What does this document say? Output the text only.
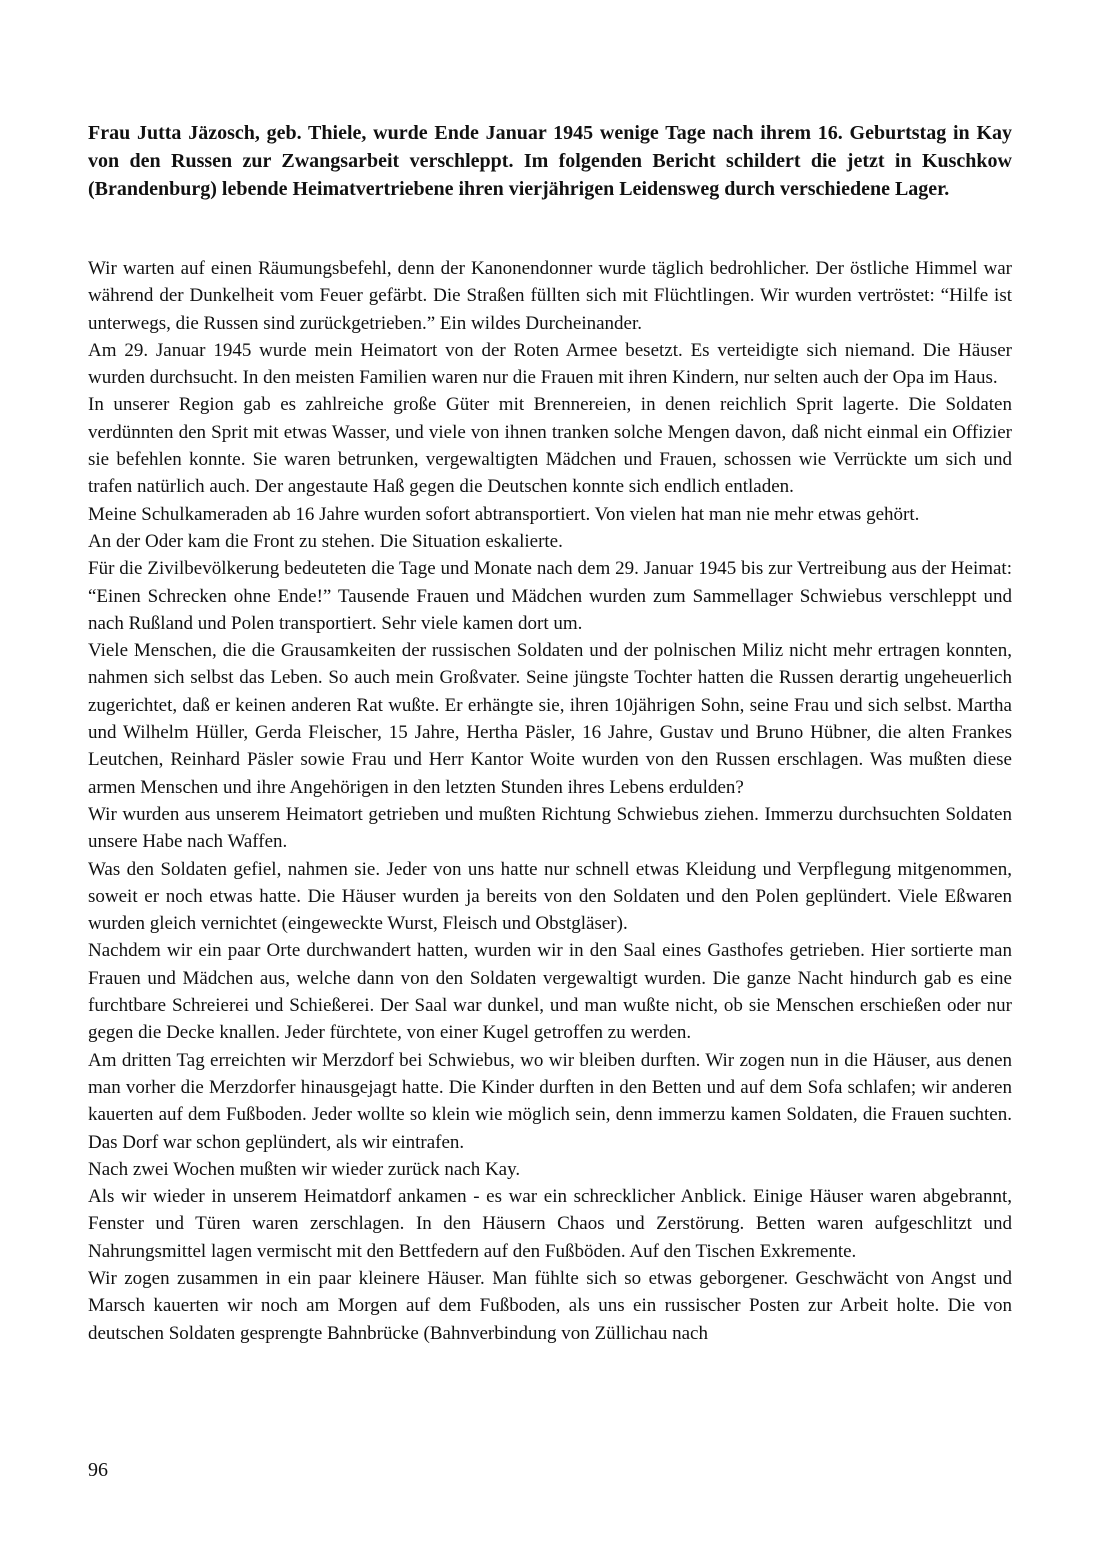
Frau Jutta Jäzosch, geb. Thiele, wurde Ende Januar 1945 wenige Tage nach ihrem 16. Geburtstag in Kay von den Russen zur Zwangsarbeit verschleppt. Im folgenden Bericht schildert die jetzt in Kuschkow (Brandenburg) lebende Heimatvertriebene ihren vierjährigen Leidensweg durch verschiedene Lager.

Wir warten auf einen Räumungsbefehl, denn der Kanonendonner wurde täglich bedrohlicher. Der östliche Himmel war während der Dunkelheit vom Feuer gefärbt. Die Straßen füllten sich mit Flüchtlingen. Wir wurden vertröstet: “Hilfe ist unterwegs, die Russen sind zurückgetrieben.” Ein wildes Durcheinander.

Am 29. Januar 1945 wurde mein Heimatort von der Roten Armee besetzt. Es verteidigte sich niemand. Die Häuser wurden durchsucht. In den meisten Familien waren nur die Frauen mit ihren Kindern, nur selten auch der Opa im Haus.

In unserer Region gab es zahlreiche große Güter mit Brennereien, in denen reichlich Sprit lagerte. Die Soldaten verdünnten den Sprit mit etwas Wasser, und viele von ihnen tranken solche Mengen davon, daß nicht einmal ein Offizier sie befehlen konnte. Sie waren betrunken, vergewaltigten Mädchen und Frauen, schossen wie Verrückte um sich und trafen natürlich auch. Der angestaute Haß gegen die Deutschen konnte sich endlich entladen.

Meine Schulkameraden ab 16 Jahre wurden sofort abtransportiert. Von vielen hat man nie mehr etwas gehört.

An der Oder kam die Front zu stehen. Die Situation eskalierte.

Für die Zivilbevölkerung bedeuteten die Tage und Monate nach dem 29. Januar 1945 bis zur Vertreibung aus der Heimat: “Einen Schrecken ohne Ende!” Tausende Frauen und Mädchen wurden zum Sammellager Schwiebus verschleppt und nach Rußland und Polen transportiert. Sehr viele kamen dort um.

Viele Menschen, die die Grausamkeiten der russischen Soldaten und der polnischen Miliz nicht mehr ertragen konnten, nahmen sich selbst das Leben. So auch mein Großvater. Seine jüngste Tochter hatten die Russen derartig ungeheuerlich zugerichtet, daß er keinen anderen Rat wußte. Er erhängte sie, ihren 10jährigen Sohn, seine Frau und sich selbst. Martha und Wilhelm Hüller, Gerda Fleischer, 15 Jahre, Hertha Päsler, 16 Jahre, Gustav und Bruno Hübner, die alten Frankes Leutchen, Reinhard Päsler sowie Frau und Herr Kantor Woite wurden von den Russen erschlagen. Was mußten diese armen Menschen und ihre Angehörigen in den letzten Stunden ihres Lebens erdulden?

Wir wurden aus unserem Heimatort getrieben und mußten Richtung Schwiebus ziehen. Immerzu durchsuchten Soldaten unsere Habe nach Waffen.

Was den Soldaten gefiel, nahmen sie. Jeder von uns hatte nur schnell etwas Kleidung und Verpflegung mitgenommen, soweit er noch etwas hatte. Die Häuser wurden ja bereits von den Soldaten und den Polen geplündert. Viele Eßwaren wurden gleich vernichtet (eingeweckte Wurst, Fleisch und Obstgläser).

Nachdem wir ein paar Orte durchwandert hatten, wurden wir in den Saal eines Gasthofes getrieben. Hier sortierte man Frauen und Mädchen aus, welche dann von den Soldaten vergewaltigt wurden. Die ganze Nacht hindurch gab es eine furchtbare Schreierei und Schießerei. Der Saal war dunkel, und man wußte nicht, ob sie Menschen erschießen oder nur gegen die Decke knallen. Jeder fürchtete, von einer Kugel getroffen zu werden.

Am dritten Tag erreichten wir Merzdorf bei Schwiebus, wo wir bleiben durften. Wir zogen nun in die Häuser, aus denen man vorher die Merzdorfer hinausgejagt hatte. Die Kinder durften in den Betten und auf dem Sofa schlafen; wir anderen kauerten auf dem Fußboden. Jeder wollte so klein wie möglich sein, denn immerzu kamen Soldaten, die Frauen suchten. Das Dorf war schon geplündert, als wir eintrafen.

Nach zwei Wochen mußten wir wieder zurück nach Kay.

Als wir wieder in unserem Heimatdorf ankamen - es war ein schrecklicher Anblick. Einige Häuser waren abgebrannt, Fenster und Türen waren zerschlagen. In den Häusern Chaos und Zerstörung. Betten waren aufgeschlitzt und Nahrungsmittel lagen vermischt mit den Bettfedern auf den Fußböden. Auf den Tischen Exkremente.

Wir zogen zusammen in ein paar kleinere Häuser. Man fühlte sich so etwas geborgener. Geschwächt von Angst und Marsch kauerten wir noch am Morgen auf dem Fußboden, als uns ein russischer Posten zur Arbeit holte. Die von deutschen Soldaten gesprengte Bahnbrücke (Bahnverbindung von Züllichau nach

96
